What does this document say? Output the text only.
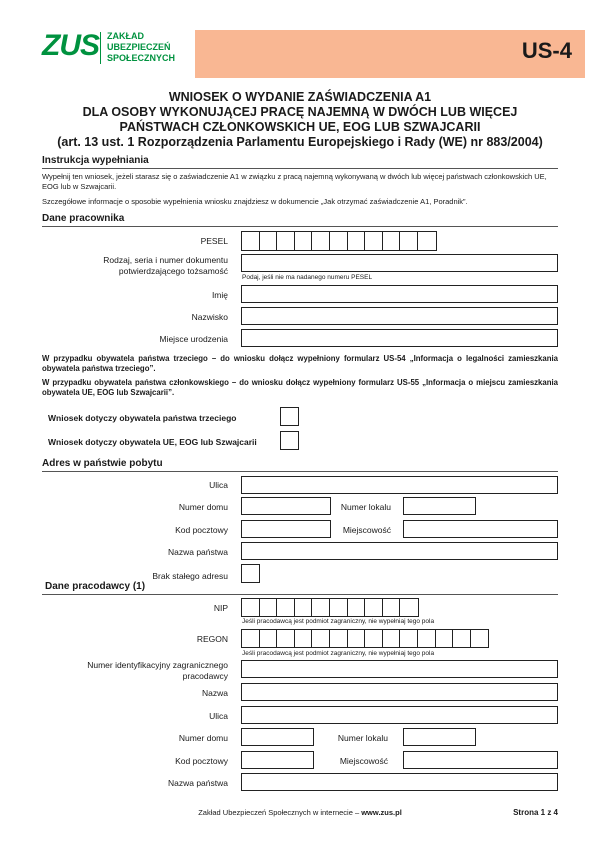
ZUS ZAKŁAD
UBEZPIECZEŃ
SPOŁECZNYCH	US-4
WNIOSEK O WYDANIE ZAŚWIADCZENIA A1
DLA OSOBY WYKONUJĄCEJ PRACĘ NAJEMNĄ W DWÓCH LUB WIĘCEJ
PAŃSTWACH CZŁONKOWSKICH UE, EOG LUB SZWAJCARII
(art. 13 ust. 1 Rozporządzenia Parlamentu Europejskiego i Rady (WE) nr 883/2004)
Instrukcja wypełniania
Wypełnij ten wniosek, jeżeli starasz się o zaświadczenie A1 w związku z pracą najemną wykonywaną w dwóch lub więcej państwach członkowskich UE, EOG lub w Szwajcarii.
Szczegółowe informacje o sposobie wypełnienia wniosku znajdziesz w dokumencie „Jak otrzymać zaświadczenie A1, Poradnik”.
Dane pracownika
PESEL
Rodzaj, seria i numer dokumentu
potwierdzającego tożsamość
Podaj, jeśli nie ma nadanego numeru PESEL
Imię
Nazwisko
Miejsce urodzenia
W przypadku obywatela państwa trzeciego – do wniosku dołącz wypełniony formularz US-54 „Informacja o legalności zamieszkania obywatela państwa trzeciego”.
W przypadku obywatela państwa członkowskiego – do wniosku dołącz wypełniony formularz US-55 „Informacja o miejscu zamieszkania obywatela UE, EOG lub Szwajcarii”.
Wniosek dotyczy obywatela państwa trzeciego
Wniosek dotyczy obywatela UE, EOG lub Szwajcarii
Adres w państwie pobytu
Ulica
Numer domu	Numer lokalu
Kod pocztowy	Miejscowość
Nazwa państwa
Brak stałego adresu
Dane pracodawcy (1)
NIP
Jeśli pracodawcą jest podmiot zagraniczny, nie wypełniaj tego pola
REGON
Jeśli pracodawcą jest podmiot zagraniczny, nie wypełniaj tego pola
Numer identyfikacyjny zagranicznego
pracodawcy
Nazwa
Ulica
Numer domu	Numer lokalu
Kod pocztowy	Miejscowość
Nazwa państwa
Zakład Ubezpieczeń Społecznych w internecie – www.zus.pl	Strona 1 z 4
